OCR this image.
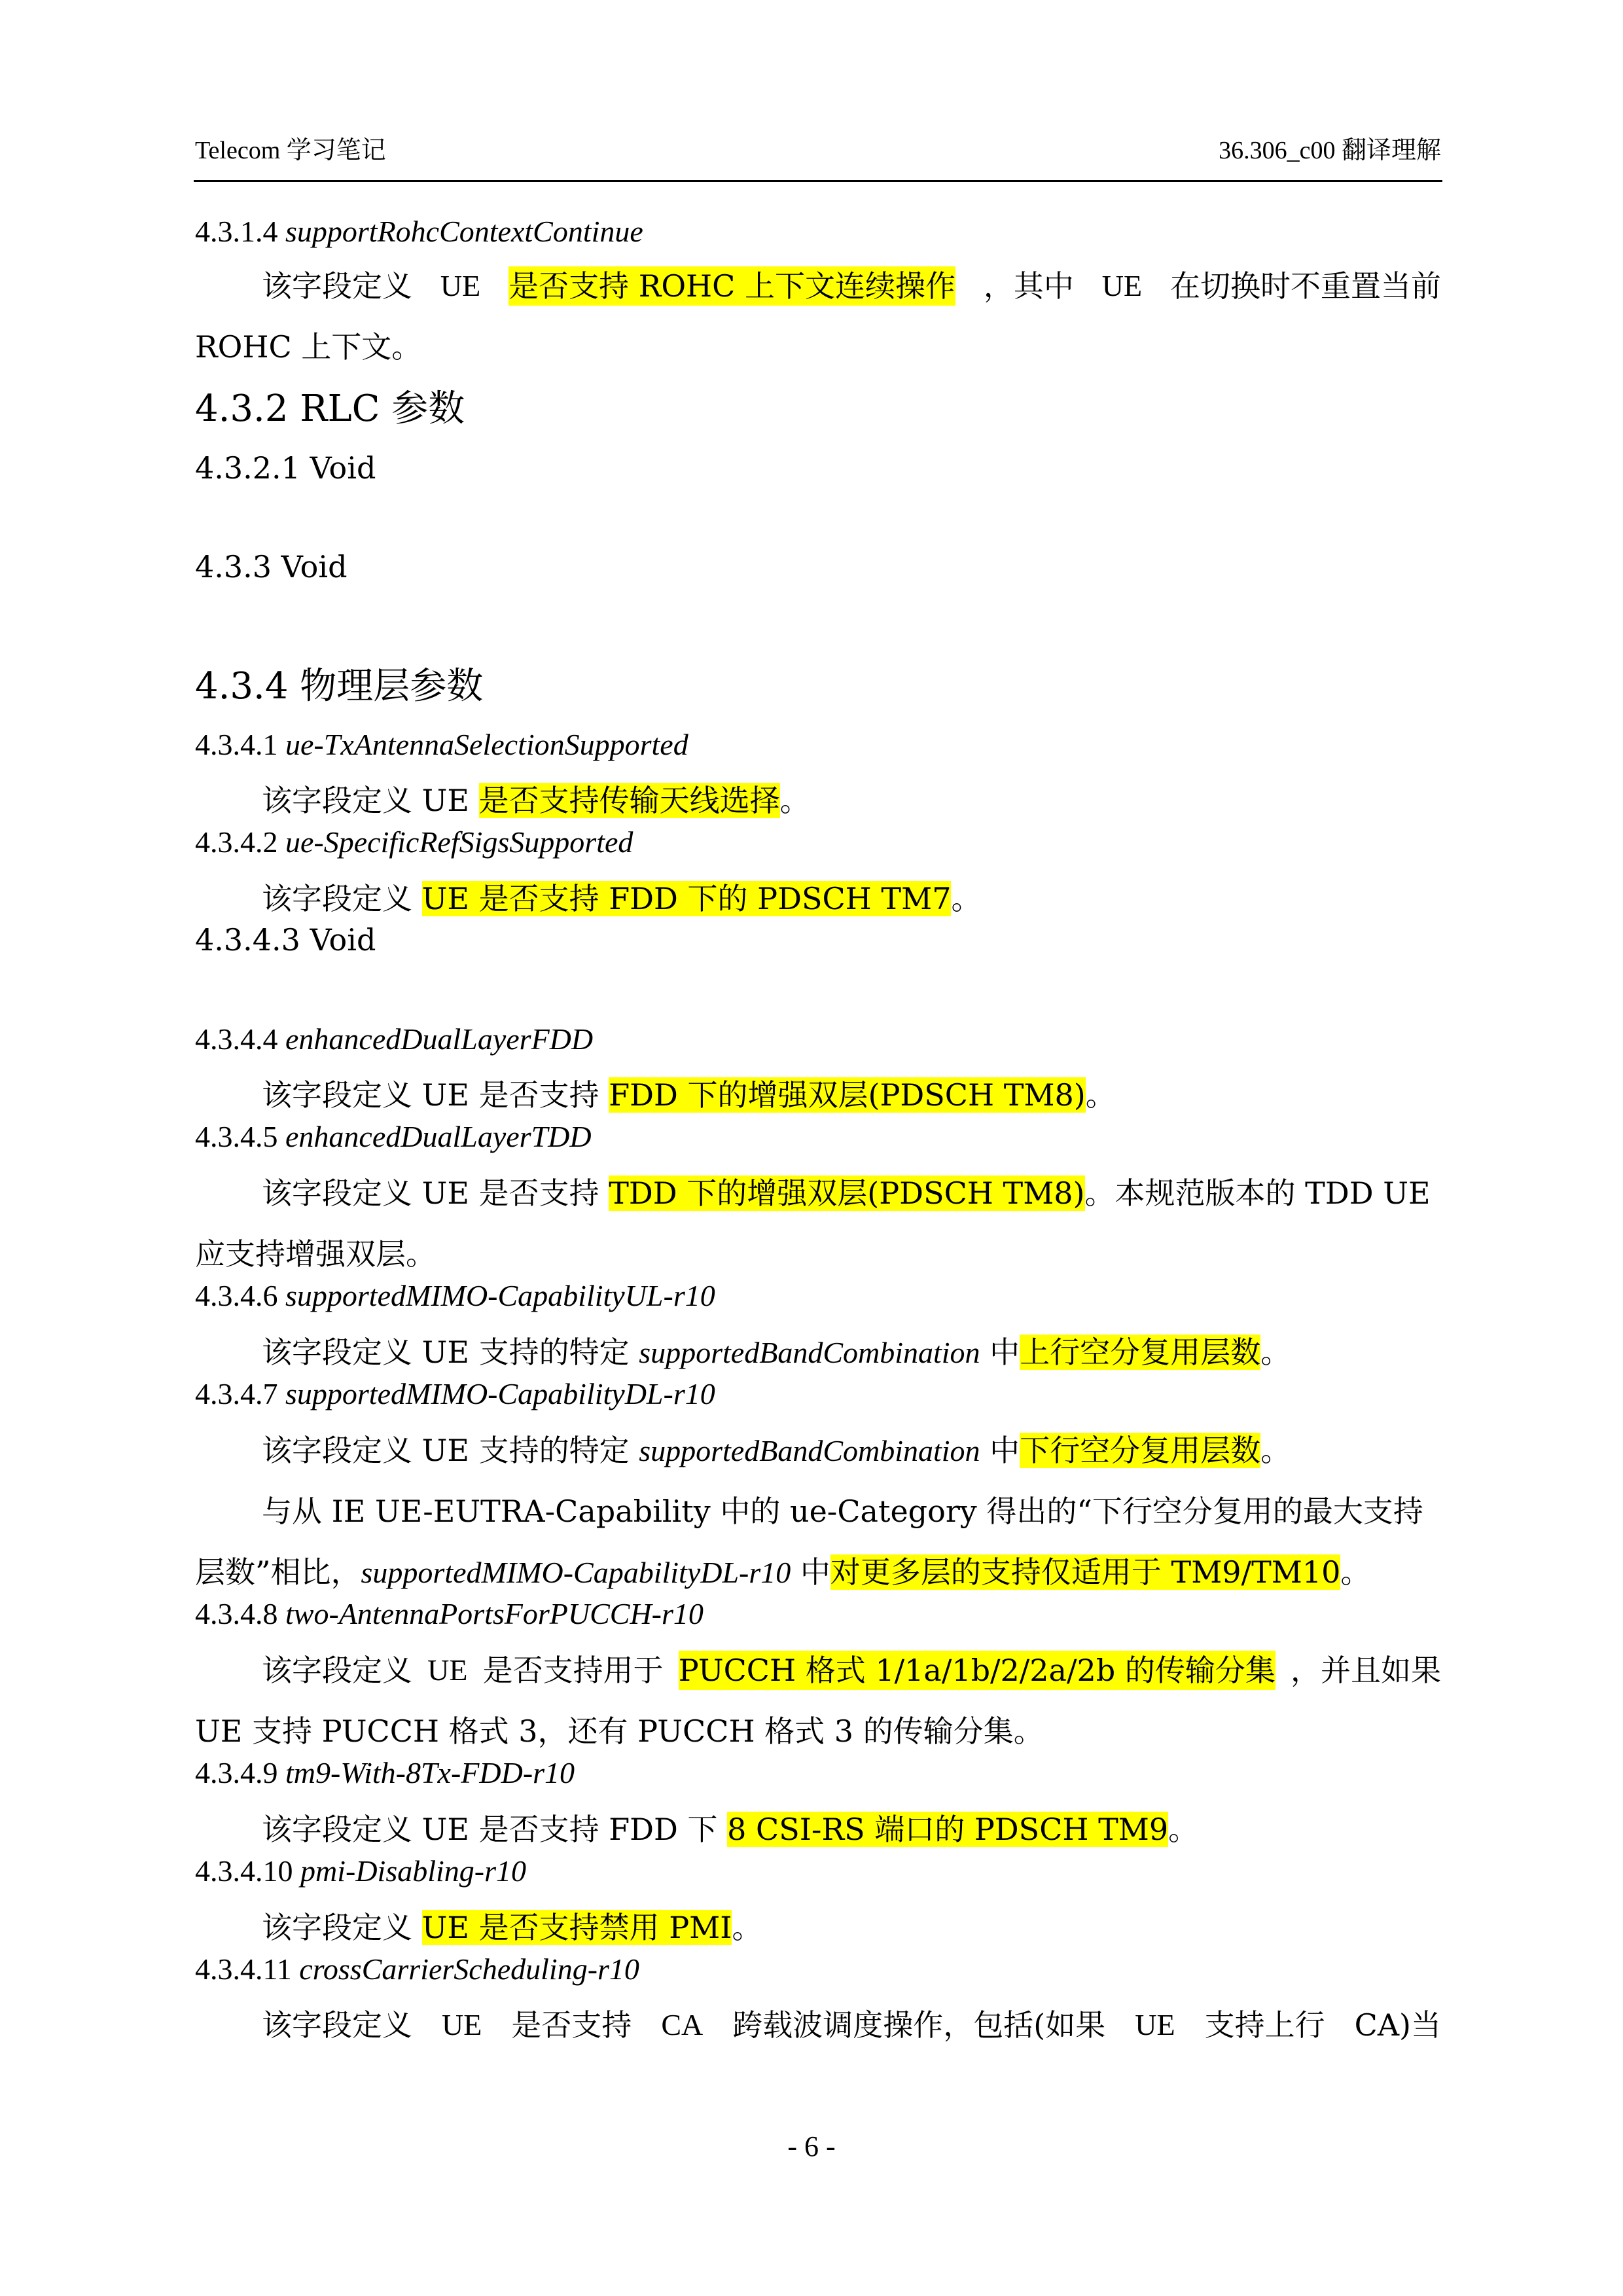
Telecom 学习笔记	36.306_c00 翻译理解
4.3.1.4 supportRohcContextContinue
该字段定义 UE 是否支持 ROHC 上下文连续操作 ，其中 UE 在切换时不重置当前
ROHC 上下文。
4.3.2 RLC 参数
4.3.2.1 Void
4.3.3 Void
4.3.4 物理层参数
4.3.4.1 ue-TxAntennaSelectionSupported
该字段定义 UE 是否支持传输天线选择。
4.3.4.2 ue-SpecificRefSigsSupported
该字段定义 UE 是否支持 FDD 下的 PDSCH TM7。
4.3.4.3 Void
4.3.4.4 enhancedDualLayerFDD
该字段定义 UE 是否支持 FDD 下的增强双层(PDSCH TM8)。
4.3.4.5 enhancedDualLayerTDD
该字段定义 UE 是否支持 TDD 下的增强双层(PDSCH TM8)。本规范版本的 TDD UE
应支持增强双层。
4.3.4.6 supportedMIMO-CapabilityUL-r10
该字段定义 UE 支持的特定 supportedBandCombination 中上行空分复用层数。
4.3.4.7 supportedMIMO-CapabilityDL-r10
该字段定义 UE 支持的特定 supportedBandCombination 中下行空分复用层数。
与从 IE UE-EUTRA-Capability 中的 ue-Category 得出的“下行空分复用的最大支持
层数”相比，supportedMIMO-CapabilityDL-r10 中对更多层的支持仅适用于 TM9/TM10。
4.3.4.8 two-AntennaPortsForPUCCH-r10
该字段定义 UE 是否支持用于 PUCCH 格式 1/1a/1b/2/2a/2b 的传输分集 ，并且如果
UE 支持 PUCCH 格式 3，还有 PUCCH 格式 3 的传输分集。
4.3.4.9 tm9-With-8Tx-FDD-r10
该字段定义 UE 是否支持 FDD 下 8 CSI-RS 端口的 PDSCH TM9。
4.3.4.10 pmi-Disabling-r10
该字段定义 UE 是否支持禁用 PMI。
4.3.4.11 crossCarrierScheduling-r10
该字段定义 UE 是否支持 CA 跨载波调度操作，包括(如果 UE 支持上行 CA)当
- 6 -
